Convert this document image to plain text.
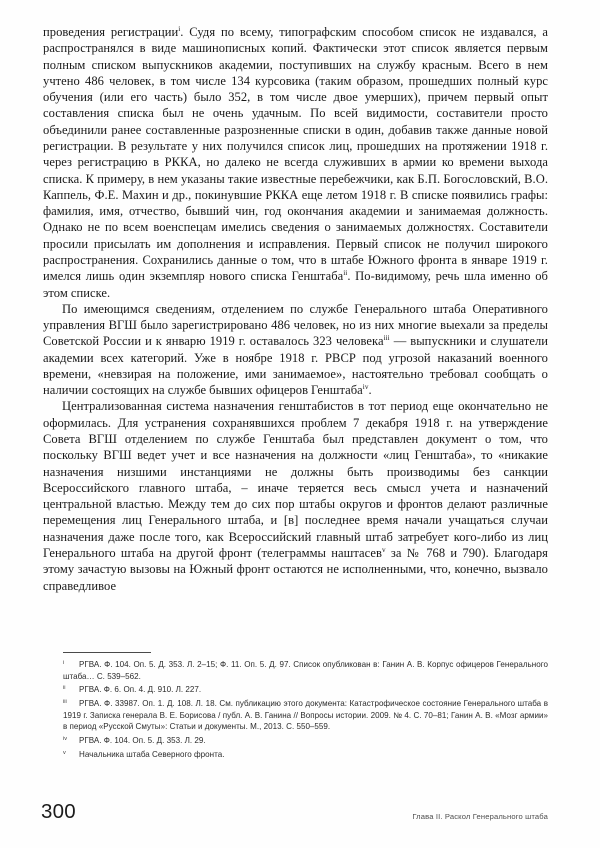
проведения регистрации$^i$. Судя по всему, типографским способом список не издавался, а распространялся в виде машинописных копий. Фактически этот список является первым полным списком выпускников академии, поступивших на службу красным. Всего в нем учтено 486 человек, в том числе 134 курсовика (таким образом, прошедших полный курс обучения (или его часть) было 352, в том числе двое умерших), причем первый опыт составления списка был не очень удачным. По всей видимости, составители просто объединили ранее составленные разрозненные списки в один, добавив также данные новой регистрации. В результате у них получился список лиц, прошедших на протяжении 1918 г. через регистрацию в РККА, но далеко не всегда служивших в армии ко времени выхода списка. К примеру, в нем указаны такие известные перебежчики, как Б.П. Богословский, В.О. Каппель, Ф.Е. Махин и др., покинувшие РККА еще летом 1918 г. В списке появились графы: фамилия, имя, отчество, бывший чин, год окончания академии и занимаемая должность. Однако не по всем военспецам имелись сведения о занимаемых должностях. Составители просили присылать им дополнения и исправления. Первый список не получил широкого распространения. Сохранились данные о том, что в штабе Южного фронта в январе 1919 г. имелся лишь один экземпляр нового списка Генштаба$^{ii}$. По-видимому, речь шла именно об этом списке.

По имеющимся сведениям, отделением по службе Генерального штаба Оперативного управления ВГШ было зарегистрировано 486 человек, но из них многие выехали за пределы Советской России и к январю 1919 г. оставалось 323 человека$^{iii}$ — выпускники и слушатели академии всех категорий. Уже в ноябре 1918 г. РВСР под угрозой наказаний военного времени, «невзирая на положение, ими занимаемое», настоятельно требовал сообщать о наличии состоящих на службе бывших офицеров Генштаба$^{iv}$.

Централизованная система назначения генштабистов в тот период еще окончательно не оформилась. Для устранения сохранявшихся проблем 7 декабря 1918 г. на утверждение Совета ВГШ отделением по службе Генштаба был представлен документ о том, что поскольку ВГШ ведет учет и все назначения на должности «лиц Генштаба», то «никакие назначения низшими инстанциями не должны быть производимы без санкции Всероссийского главного штаба, – иначе теряется весь смысл учета и назначений центральной властью. Между тем до сих пор штабы округов и фронтов делают различные перемещения лиц Генерального штаба, и [в] последнее время начали учащаться случаи назначения даже после того, как Всероссийский главный штаб затребует кого-либо из лиц Генерального штаба на другой фронт (телеграммы наштасев$^v$ за № 768 и 790). Благодаря этому зачастую вызовы на Южный фронт остаются не исполненными, что, конечно, вызвало справедливое

i РГВА. Ф. 104. Оп. 5. Д. 353. Л. 2–15; Ф. 11. Оп. 5. Д. 97. Список опубликован в: Ганин А. В. Корпус офицеров Генерального штаба… С. 539–562.
ii РГВА. Ф. 6. Оп. 4. Д. 910. Л. 227.
iii РГВА. Ф. 33987. Оп. 1. Д. 108. Л. 18. См. публикацию этого документа: Катастрофическое состояние Генерального штаба в 1919 г. Записка генерала В. Е. Борисова / публ. А. В. Ганина // Вопросы истории. 2009. № 4. С. 70–81; Ганин А. В. «Мозг армии» в период «Русской Смуты»: Статьи и документы. М., 2013. С. 550–559.
iv РГВА. Ф. 104. Оп. 5. Д. 353. Л. 29.
v Начальника штаба Северного фронта.
300	Глава II. Раскол Генерального штаба
